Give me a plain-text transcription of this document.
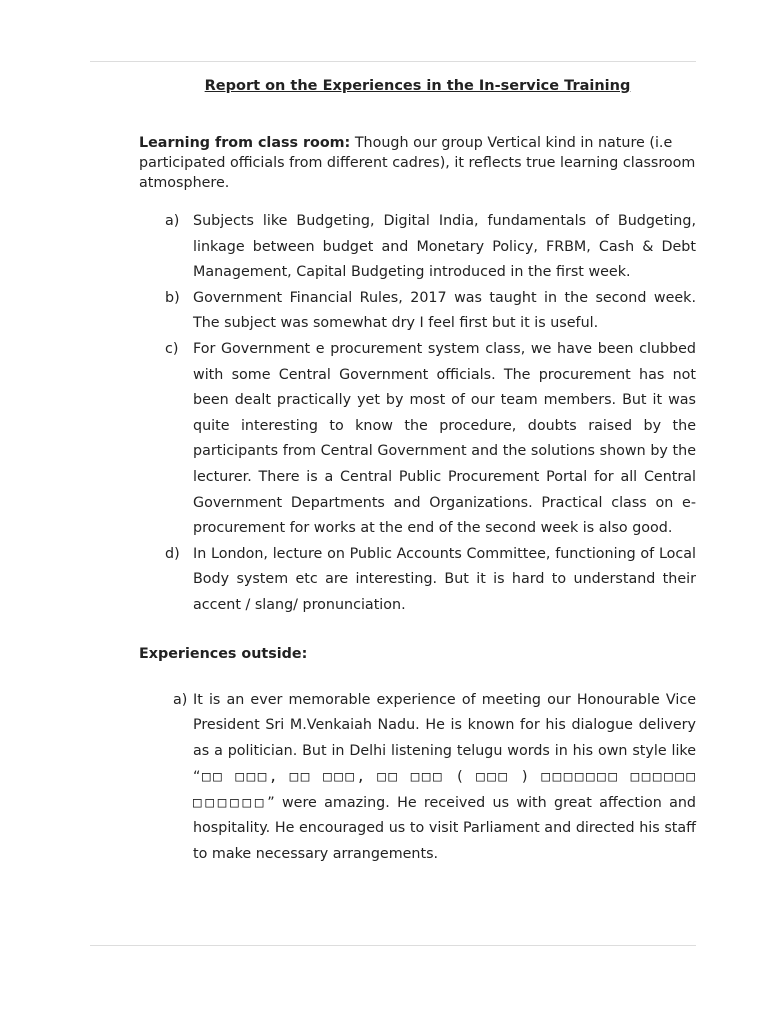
Report on the Experiences in the In-service Training

Learning from class room: Though our group Vertical kind in nature (i.e participated officials from different cadres), it reflects true learning classroom atmosphere.

a) Subjects like Budgeting, Digital India, fundamentals of Budgeting, linkage between budget and Monetary Policy, FRBM, Cash & Debt Management, Capital Budgeting introduced in the first week.
b) Government Financial Rules, 2017 was taught in the second week. The subject was somewhat dry I feel first but it is useful.
c) For Government e procurement system class, we have been clubbed with some Central Government officials. The procurement has not been dealt practically yet by most of our team members. But it was quite interesting to know the procedure, doubts raised by the participants from Central Government and the solutions shown by the lecturer. There is a Central Public Procurement Portal for all Central Government Departments and Organizations. Practical class on e-procurement for works at the end of the second week is also good.
d) In London, lecture on Public Accounts Committee, functioning of Local Body system etc are interesting. But it is hard to understand their accent / slang/ pronunciation.

Experiences outside:

a) It is an ever memorable experience of meeting our Honourable Vice President Sri M.Venkaiah Nadu. He is known for his dialogue delivery as a politician. But in Delhi listening telugu words in his own style like “□□ □□□, □□ □□□, □□ □□□ ( □□□ ) □□□□□□□ □□□□□□ □□□□□□” were amazing. He received us with great affection and hospitality. He encouraged us to visit Parliament and directed his staff to make necessary arrangements.
